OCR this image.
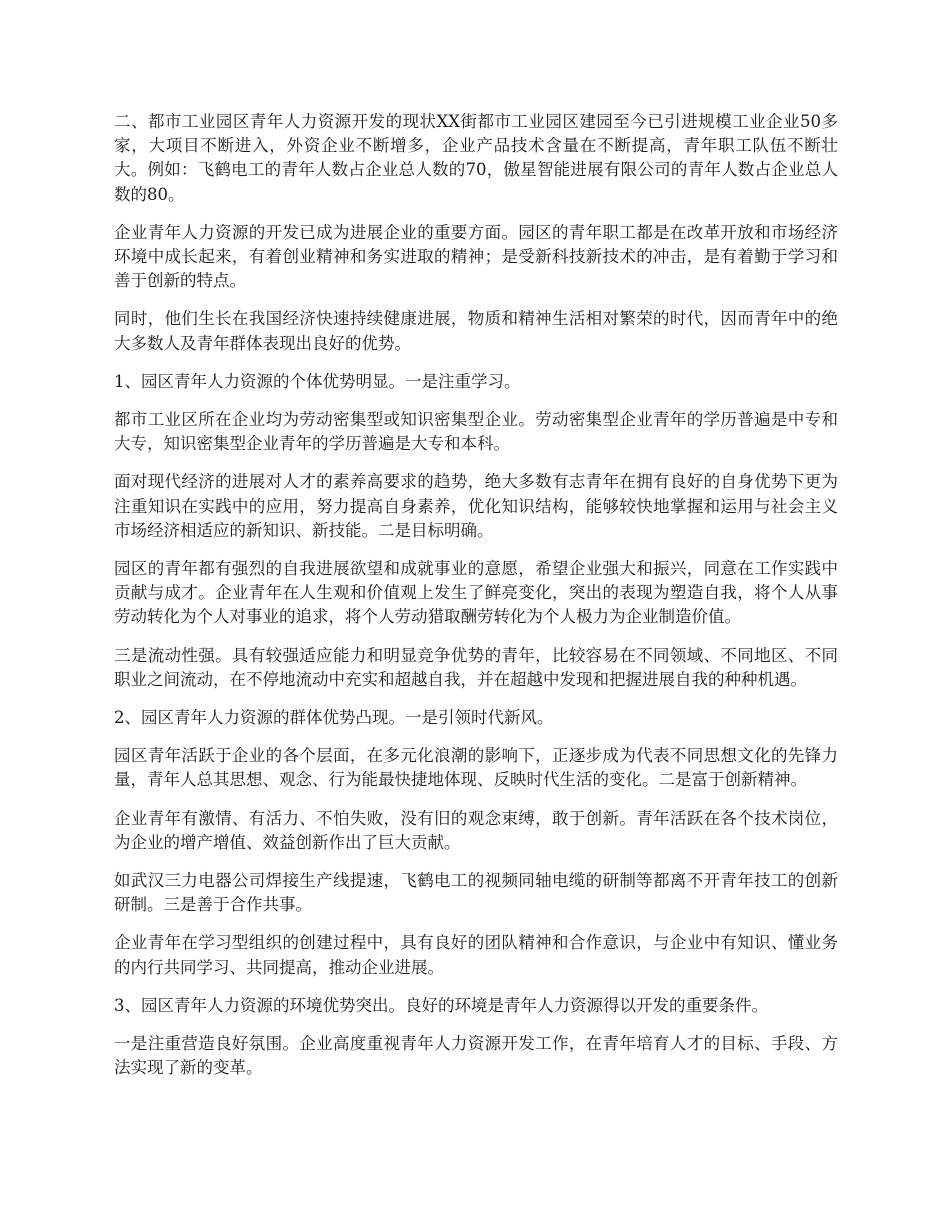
二、都市工业园区青年人力资源开发的现状XX街都市工业园区建园至今已引进规模工业企业50多家，大项目不断进入，外资企业不断增多，企业产品技术含量在不断提高，青年职工队伍不断壮大。例如：飞鹤电工的青年人数占企业总人数的70，傲星智能进展有限公司的青年人数占企业总人数的80。

企业青年人力资源的开发已成为进展企业的重要方面。园区的青年职工都是在改革开放和市场经济环境中成长起来，有着创业精神和务实进取的精神；是受新科技新技术的冲击，是有着勤于学习和善于创新的特点。

同时，他们生长在我国经济快速持续健康进展，物质和精神生活相对繁荣的时代，因而青年中的绝大多数人及青年群体表现出良好的优势。

1、园区青年人力资源的个体优势明显。一是注重学习。

都市工业区所在企业均为劳动密集型或知识密集型企业。劳动密集型企业青年的学历普遍是中专和大专，知识密集型企业青年的学历普遍是大专和本科。

面对现代经济的进展对人才的素养高要求的趋势，绝大多数有志青年在拥有良好的自身优势下更为注重知识在实践中的应用，努力提高自身素养，优化知识结构，能够较快地掌握和运用与社会主义市场经济相适应的新知识、新技能。二是目标明确。

园区的青年都有强烈的自我进展欲望和成就事业的意愿，希望企业强大和振兴，同意在工作实践中贡献与成才。企业青年在人生观和价值观上发生了鲜亮变化，突出的表现为塑造自我，将个人从事劳动转化为个人对事业的追求，将个人劳动猎取酬劳转化为个人极力为企业制造价值。

三是流动性强。具有较强适应能力和明显竞争优势的青年，比较容易在不同领域、不同地区、不同职业之间流动，在不停地流动中充实和超越自我，并在超越中发现和把握进展自我的种种机遇。

2、园区青年人力资源的群体优势凸现。一是引领时代新风。

园区青年活跃于企业的各个层面，在多元化浪潮的影响下，正逐步成为代表不同思想文化的先锋力量，青年人总其思想、观念、行为能最快捷地体现、反映时代生活的变化。二是富于创新精神。

企业青年有激情、有活力、不怕失败，没有旧的观念束缚，敢于创新。青年活跃在各个技术岗位，为企业的增产增值、效益创新作出了巨大贡献。

如武汉三力电器公司焊接生产线提速，飞鹤电工的视频同轴电缆的研制等都离不开青年技工的创新研制。三是善于合作共事。

企业青年在学习型组织的创建过程中，具有良好的团队精神和合作意识，与企业中有知识、懂业务的内行共同学习、共同提高，推动企业进展。

3、园区青年人力资源的环境优势突出。良好的环境是青年人力资源得以开发的重要条件。

一是注重营造良好氛围。企业高度重视青年人力资源开发工作，在青年培育人才的目标、手段、方法实现了新的变革。
